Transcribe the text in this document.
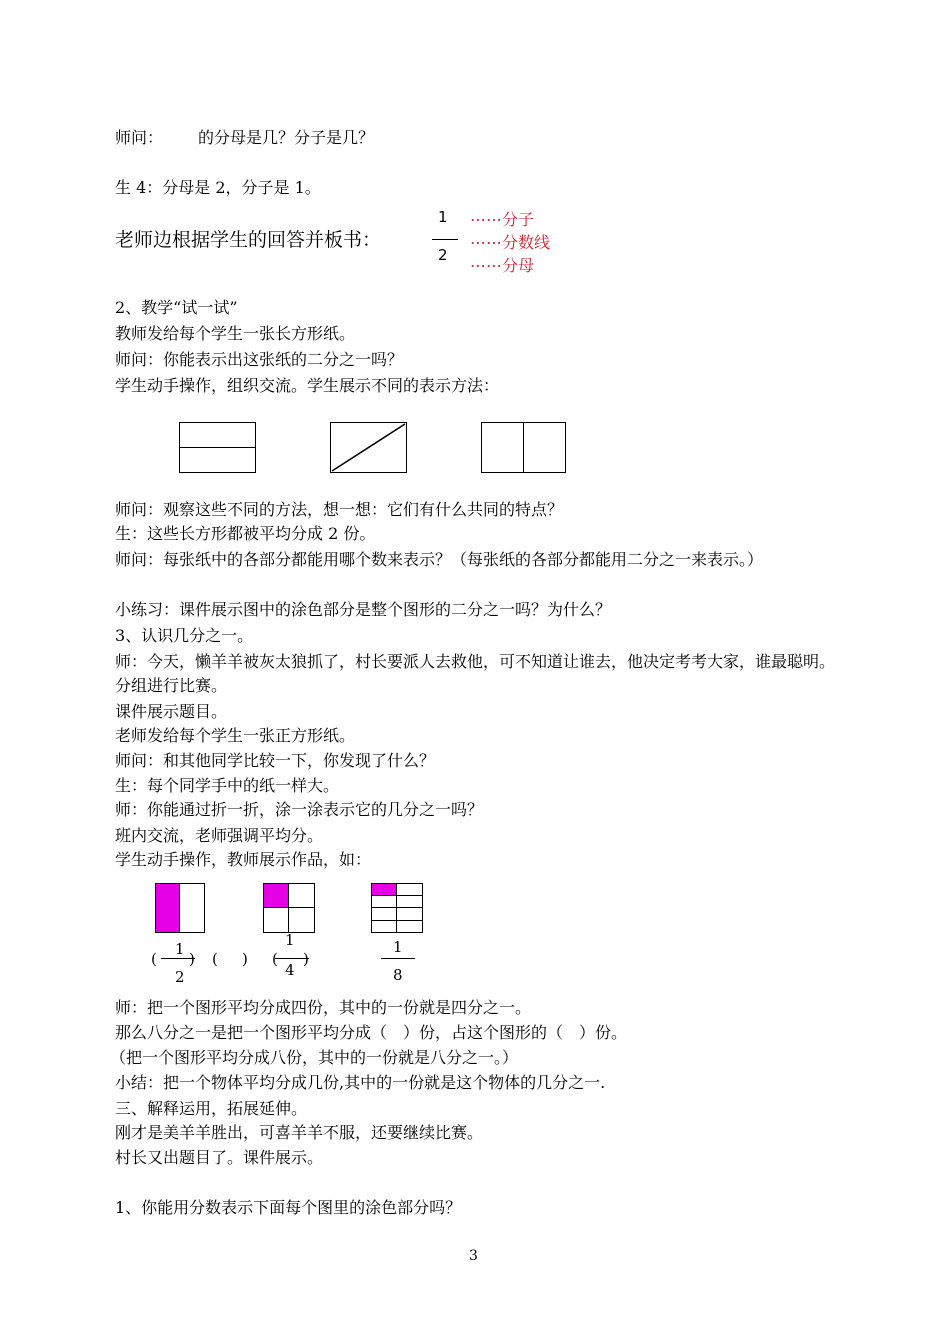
师问： 的分母是几？分子是几？
生 4：分母是 2，分子是 1。
老师边根据学生的回答并板书：
1
2
⋯⋯分子
⋯⋯分数线
⋯⋯分母
2、教学“试一试”
教师发给每个学生一张长方形纸。
师问：你能表示出这张纸的二分之一吗？
学生动手操作，组织交流。学生展示不同的表示方法：
师问：观察这些不同的方法，想一想：它们有什么共同的特点？
生：这些长方形都被平均分成 2 份。
师问：每张纸中的各部分都能用哪个数来表示？（每张纸的各部分都能用二分之一来表示。）
小练习：课件展示图中的涂色部分是整个图形的二分之一吗？为什么？
3、认识几分之一。
师：今天，懒羊羊被灰太狼抓了，村长要派人去救他，可不知道让谁去，他决定考考大家，谁最聪明。分组进行比赛。
课件展示题目。
老师发给每个学生一张正方形纸。
师问：和其他同学比较一下，你发现了什么？
生：每个同学手中的纸一样大。
师：你能通过折一折，涂一涂表示它的几分之一吗？
班内交流，老师强调平均分。
学生动手操作，教师展示作品，如：
(
1
)
2
( ) (
1
)
4
1
8
师：把一个图形平均分成四份，其中的一份就是四分之一。
那么八分之一是把一个图形平均分成（　）份，占这个图形的（　）份。
（把一个图形平均分成八份，其中的一份就是八分之一。）
小结：把一个物体平均分成几份,其中的一份就是这个物体的几分之一.
三、解释运用，拓展延伸。
刚才是美羊羊胜出，可喜羊羊不服，还要继续比赛。
村长又出题目了。课件展示。
1、你能用分数表示下面每个图里的涂色部分吗？
3
